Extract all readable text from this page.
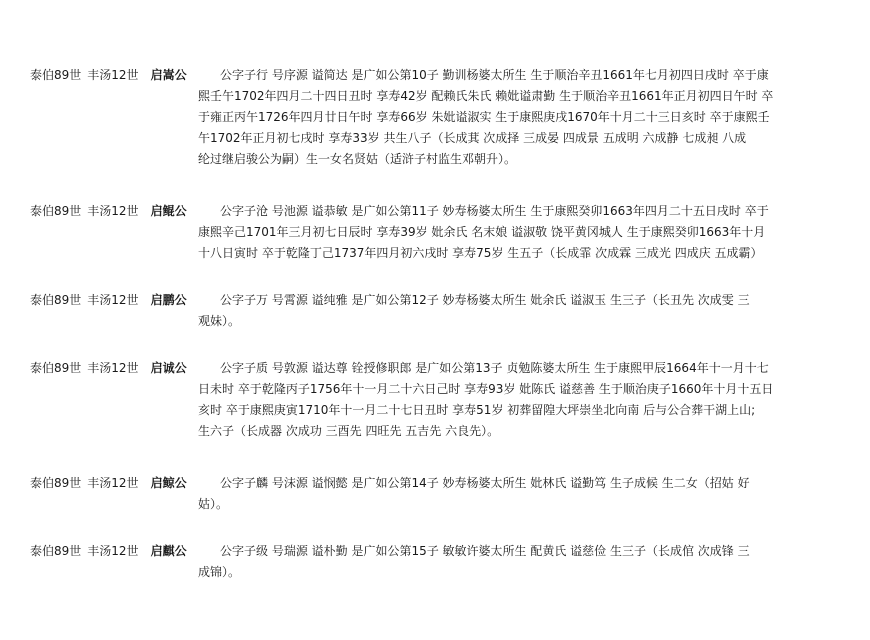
泰伯89世 丰汤12世 启嵩公	公字子行 号序源 谥简达 是广如公第10子 勤训杨婆太所生 生于顺治辛丑1661年七月初四日戌时 卒于康
熙壬午1702年四月二十四日丑时 享寿42岁 配赖氏朱氏 赖妣谥肃勤 生于顺治辛丑1661年正月初四日午时 卒
于雍正丙午1726年四月廿日午时 享寿66岁 朱妣谥淑实 生于康熙庚戌1670年十月二十三日亥时 卒于康熙壬
午1702年正月初七戌时 享寿33岁 共生八子（长成萁 次成择 三成晏 四成景 五成明 六成静 七成昶 八成
纶过继启骏公为嗣）生一女名贤姑（适浒子村监生邓朝升）。
泰伯89世 丰汤12世 启鲲公	公字子沧 号池源 谥恭敏 是广如公第11子 妙寿杨婆太所生 生于康熙癸卯1663年四月二十五日戌时 卒于
康熙辛己1701年三月初七日辰时 享寿39岁 妣余氏 名末娘 谥淑敬 饶平黄冈城人 生于康熙癸卯1663年十月
十八日寅时 卒于乾隆丁己1737年四月初六戌时 享寿75岁 生五子（长成霏 次成霖 三成光 四成庆 五成霸）
泰伯89世 丰汤12世 启鹏公	公字子万 号霄源 谥纯雅 是广如公第12子 妙寿杨婆太所生 妣余氏 谥淑玉 生三子（长丑先 次成雯 三
观妹）。
泰伯89世 丰汤12世 启诚公	公字子质 号敦源 谥达尊 铨授修职郎 是广如公第13子 贞勉陈婆太所生 生于康熙甲辰1664年十一月十七
日未时 卒于乾隆丙子1756年十一月二十六日己时 享寿93岁 妣陈氏 谥慈善 生于顺治庚子1660年十月十五日
亥时 卒于康熙庚寅1710年十一月二十七日丑时 享寿51岁 初葬留隍大坪崇坐北向南 后与公合葬干湖上山;
生六子（长成器 次成功 三酉先 四旺先 五吉先 六良先）。
泰伯89世 丰汤12世 启鲸公	公字子麟 号沫源 谥悯懿 是广如公第14子 妙寿杨婆太所生 妣林氏 谥勤笃 生子成候 生二女（招姑 好
姑）。
泰伯89世 丰汤12世 启麒公	公字子级 号瑞源 谥朴勤 是广如公第15子 敏敏许婆太所生 配黄氏 谥慈俭 生三子（长成倌 次成锋 三
成锦）。
